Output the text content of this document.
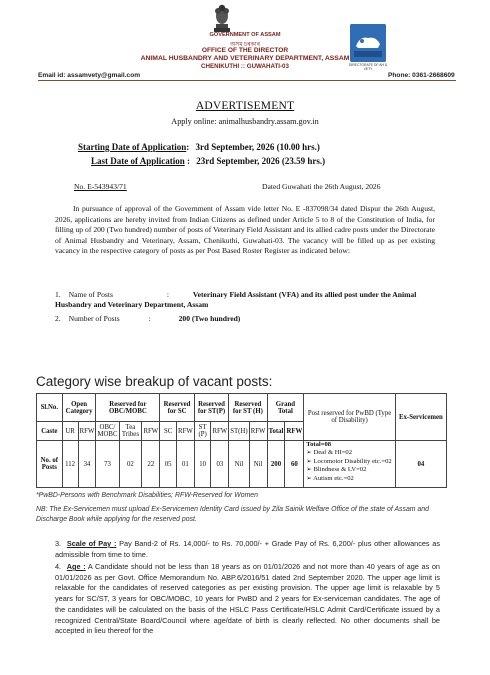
GOVERNMENT OF ASSAM
অসম চৰকাৰ
OFFICE OF THE DIRECTOR
ANIMAL HUSBANDRY AND VETERINARY DEPARTMENT, ASSAM
CHENIKUTHI :: GUWAHATI-03	DIRECTORATE OF AH & VETY
Email id: assamvety@gmail.com	Phone: 0361-2668609
ADVERTISEMENT
Apply online: animalhusbandry.assam.gov.in
Starting Date of Application: 3rd September, 2026 (10.00 hrs.)
Last Date of Application : 23rd September, 2026 (23.59 hrs.)
No. E-543943/71	Dated Guwahati the 26th August, 2026
In pursuance of approval of the Government of Assam vide letter No. E -837098/34 dated Dispur the 26th August, 2026, applications are hereby invited from Indian Citizens as defined under Article 5 to 8 of the Constitution of India, for filling up of 200 (Two hundred) number of posts of Veterinary Field Assistant and its allied cadre posts under the Directorate of Animal Husbandry and Veterinary, Assam, Chenikuthi, Guwahati-03. The vacancy will be filled up as per existing vacancy in the respective category of posts as per Post Based Roster Register as indicated below:
1. Name of Posts	:	Veterinary Field Assistant (VFA) and its allied post under the Animal Husbandry and Veterinary Department, Assam
2. Number of Posts	:	200 (Two hundred)
Category wise breakup of vacant posts:
Sl.No.	Open Category		Reserved for OBC/MOBC			Reserved for SC		Reserved for ST(P)		Reserved for ST (H)		Grand Total		Post reserved for PwBD (Type of Disability)	Ex-Servicemen
Caste	UR	RFW	OBC/ MOBC	Tea Tribes	RFW	SC	RFW	ST (P)	RFW	ST(H)	RFW	Total	RFW		
No. of Posts	112	34	73	02	22	05	01	10	03	Nil	Nil	200	60	Total=08
➢ Deaf & HI=02
➢ Locomotor Disability etc.=02
➢ Blindness & LV=02
➢ Autism etc.=02	04
*PwBD-Persons with Benchmark Disabilities; RFW-Reserved for Women
NB: The Ex-Servicemen must upload Ex-Servicemen Identity Card issued by Zila Sainik Welfare Office of the state of Assam and Discharge Book while applying for the reserved post.
3. Scale of Pay : Pay Band-2 of Rs. 14,000/- to Rs. 70,000/- + Grade Pay of Rs. 6,200/- plus other allowances as admissible from time to time.
4. Age : A Candidate should not be less than 18 years as on 01/01/2026 and not more than 40 years of age as on 01/01/2026 as per Govt. Office Memorandum No. ABP.6/2016/51 dated 2nd September 2020. The upper age limit is relaxable for the candidates of reserved categories as per existing provision. The upper age limit is relaxable by 5 years for SC/ST, 3 years for OBC/MOBC, 10 years for PwBD and 2 years for Ex-serviceman candidates. The age of the candidates will be calculated on the basis of the HSLC Pass Certificate/HSLC Admit Card/Certificate issued by a recognized Central/State Board/Council where age/date of birth is clearly reflected. No other documents shall be accepted in lieu thereof for the
